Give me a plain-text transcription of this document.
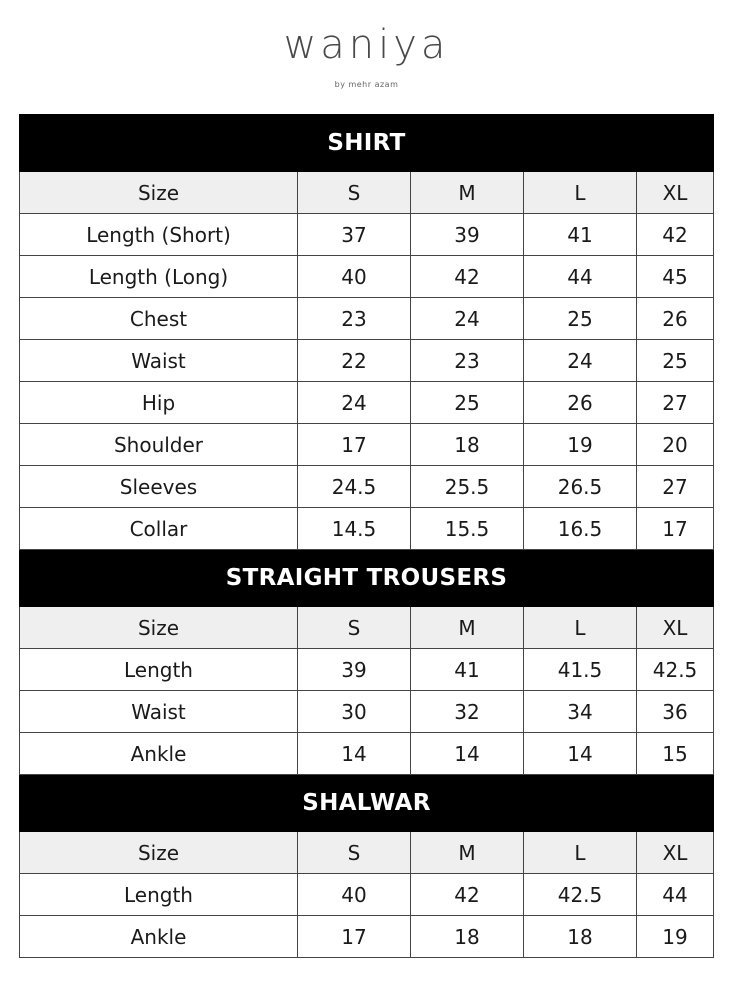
waniya
by mehr azam
SHIRT				
Size	S	M	L	XL
Length (Short)	37	39	41	42
Length (Long)	40	42	44	45
Chest	23	24	25	26
Waist	22	23	24	25
Hip	24	25	26	27
Shoulder	17	18	19	20
Sleeves	24.5	25.5	26.5	27
Collar	14.5	15.5	16.5	17
STRAIGHT TROUSERS				
Size	S	M	L	XL
Length	39	41	41.5	42.5
Waist	30	32	34	36
Ankle	14	14	14	15
SHALWAR				
Size	S	M	L	XL
Length	40	42	42.5	44
Ankle	17	18	18	19
